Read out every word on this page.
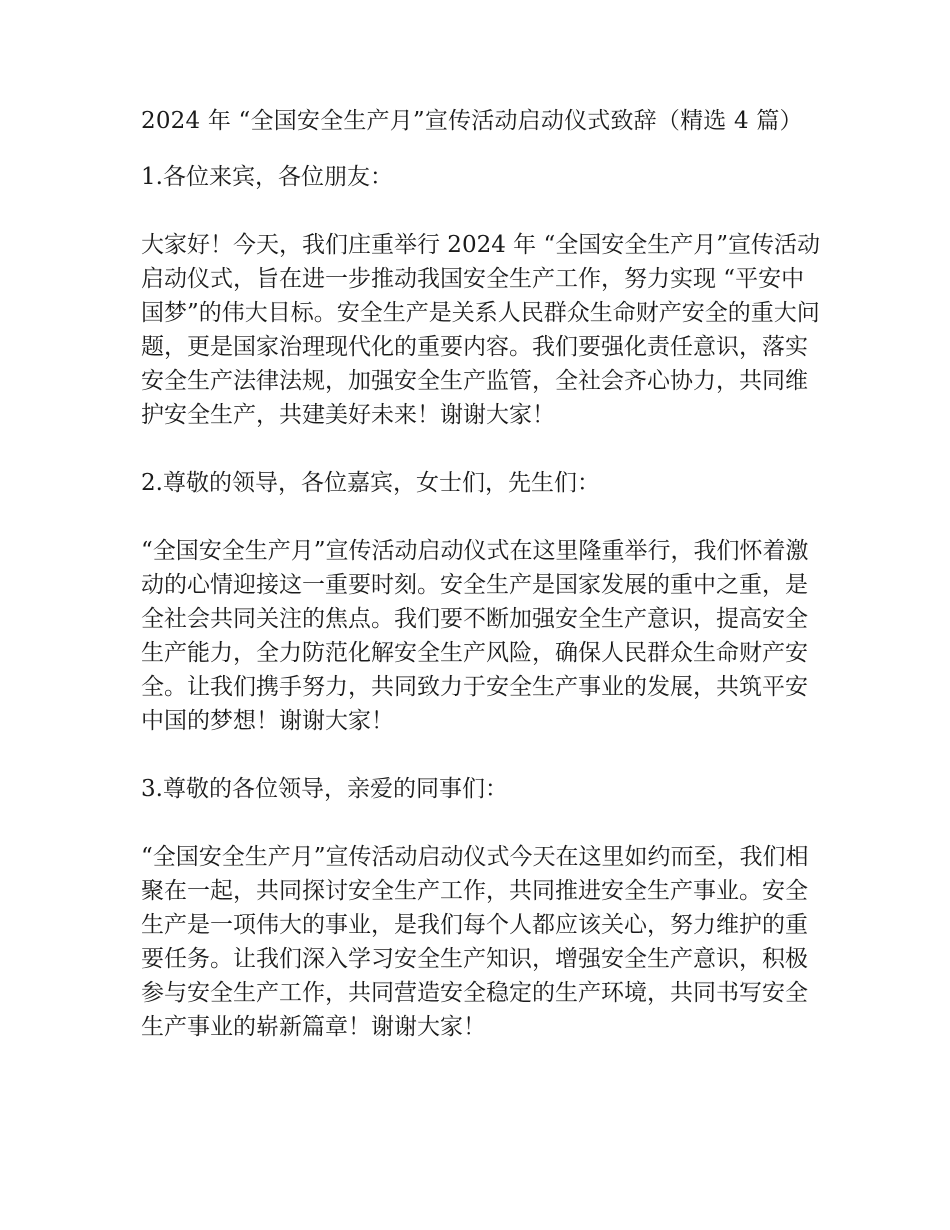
2024 年 “全国安全生产月”宣传活动启动仪式致辞（精选 4 篇）

1.各位来宾，各位朋友：

大家好！今天，我们庄重举行 2024 年 “全国安全生产月”宣传活动启动仪式，旨在进一步推动我国安全生产工作，努力实现 “平安中国梦”的伟大目标。安全生产是关系人民群众生命财产安全的重大问题，更是国家治理现代化的重要内容。我们要强化责任意识，落实安全生产法律法规，加强安全生产监管，全社会齐心协力，共同维护安全生产，共建美好未来！谢谢大家！

2.尊敬的领导，各位嘉宾，女士们，先生们：

“全国安全生产月”宣传活动启动仪式在这里隆重举行，我们怀着激动的心情迎接这一重要时刻。安全生产是国家发展的重中之重，是全社会共同关注的焦点。我们要不断加强安全生产意识，提高安全生产能力，全力防范化解安全生产风险，确保人民群众生命财产安全。让我们携手努力，共同致力于安全生产事业的发展，共筑平安中国的梦想！谢谢大家！

3.尊敬的各位领导，亲爱的同事们：

“全国安全生产月”宣传活动启动仪式今天在这里如约而至，我们相聚在一起，共同探讨安全生产工作，共同推进安全生产事业。安全生产是一项伟大的事业，是我们每个人都应该关心，努力维护的重要任务。让我们深入学习安全生产知识，增强安全生产意识，积极参与安全生产工作，共同营造安全稳定的生产环境，共同书写安全生产事业的崭新篇章！谢谢大家！
